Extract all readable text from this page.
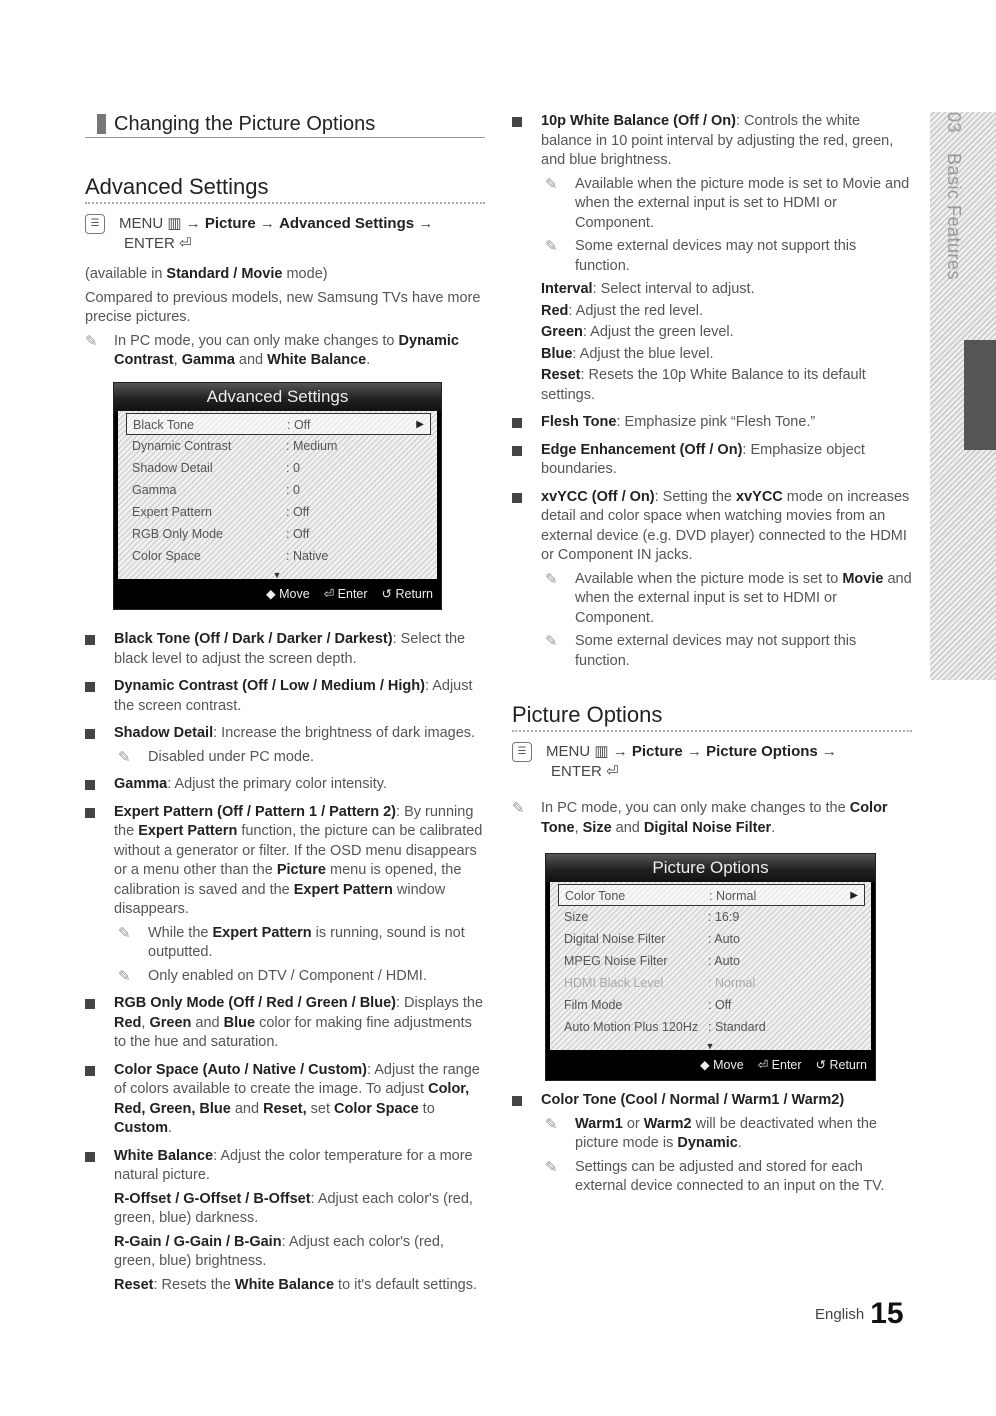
Changing the Picture Options	03 Basic Features
Advanced Settings
☰ MENU ▥ → Picture → Advanced Settings →
ENTER ⏎
(available in Standard / Movie mode)
Compared to previous models, new Samsung TVs have more precise pictures.
✎ In PC mode, you can only make changes to Dynamic Contrast, Gamma and White Balance.
Advanced Settings
Black Tone	: Off	▶
Dynamic Contrast	: Medium
Shadow Detail	: 0
Gamma	: 0
Expert Pattern	: Off
RGB Only Mode	: Off
Color Space	: Native
▼
◆ Move ⏎ Enter ↺ Return
Black Tone (Off / Dark / Darker / Darkest): Select the black level to adjust the screen depth.
Dynamic Contrast (Off / Low / Medium / High): Adjust the screen contrast.
Shadow Detail: Increase the brightness of dark images.
✎ Disabled under PC mode.
Gamma: Adjust the primary color intensity.
Expert Pattern (Off / Pattern 1 / Pattern 2): By running the Expert Pattern function, the picture can be calibrated without a generator or filter. If the OSD menu disappears or a menu other than the Picture menu is opened, the calibration is saved and the Expert Pattern window disappears.
✎ While the Expert Pattern is running, sound is not outputted.
✎ Only enabled on DTV / Component / HDMI.
RGB Only Mode (Off / Red / Green / Blue): Displays the Red, Green and Blue color for making fine adjustments to the hue and saturation.
Color Space (Auto / Native / Custom): Adjust the range of colors available to create the image. To adjust Color, Red, Green, Blue and Reset, set Color Space to Custom.
White Balance: Adjust the color temperature for a more natural picture.
R-Offset / G-Offset / B-Offset: Adjust each color's (red, green, blue) darkness.
R-Gain / G-Gain / B-Gain: Adjust each color's (red, green, blue) brightness.
Reset: Resets the White Balance to it's default settings.
10p White Balance (Off / On): Controls the white balance in 10 point interval by adjusting the red, green, and blue brightness.
✎ Available when the picture mode is set to Movie and when the external input is set to HDMI or Component.
✎ Some external devices may not support this function.
Interval: Select interval to adjust.
Red: Adjust the red level.
Green: Adjust the green level.
Blue: Adjust the blue level.
Reset: Resets the 10p White Balance to its default settings.
Flesh Tone: Emphasize pink “Flesh Tone.”
Edge Enhancement (Off / On): Emphasize object boundaries.
xvYCC (Off / On): Setting the xvYCC mode on increases detail and color space when watching movies from an external device (e.g. DVD player) connected to the HDMI or Component IN jacks.
✎ Available when the picture mode is set to Movie and when the external input is set to HDMI or Component.
✎ Some external devices may not support this function.
Picture Options
☰ MENU ▥ → Picture → Picture Options →
ENTER ⏎
✎ In PC mode, you can only make changes to the Color Tone, Size and Digital Noise Filter.
Picture Options
Color Tone	: Normal	▶
Size	: 16:9
Digital Noise Filter	: Auto
MPEG Noise Filter	: Auto
HDMI Black Level	: Normal
Film Mode	: Off
Auto Motion Plus 120Hz : Standard
▼
◆ Move ⏎ Enter ↺ Return
Color Tone (Cool / Normal / Warm1 / Warm2)
✎ Warm1 or Warm2 will be deactivated when the picture mode is Dynamic.
✎ Settings can be adjusted and stored for each external device connected to an input on the TV.
English 15
